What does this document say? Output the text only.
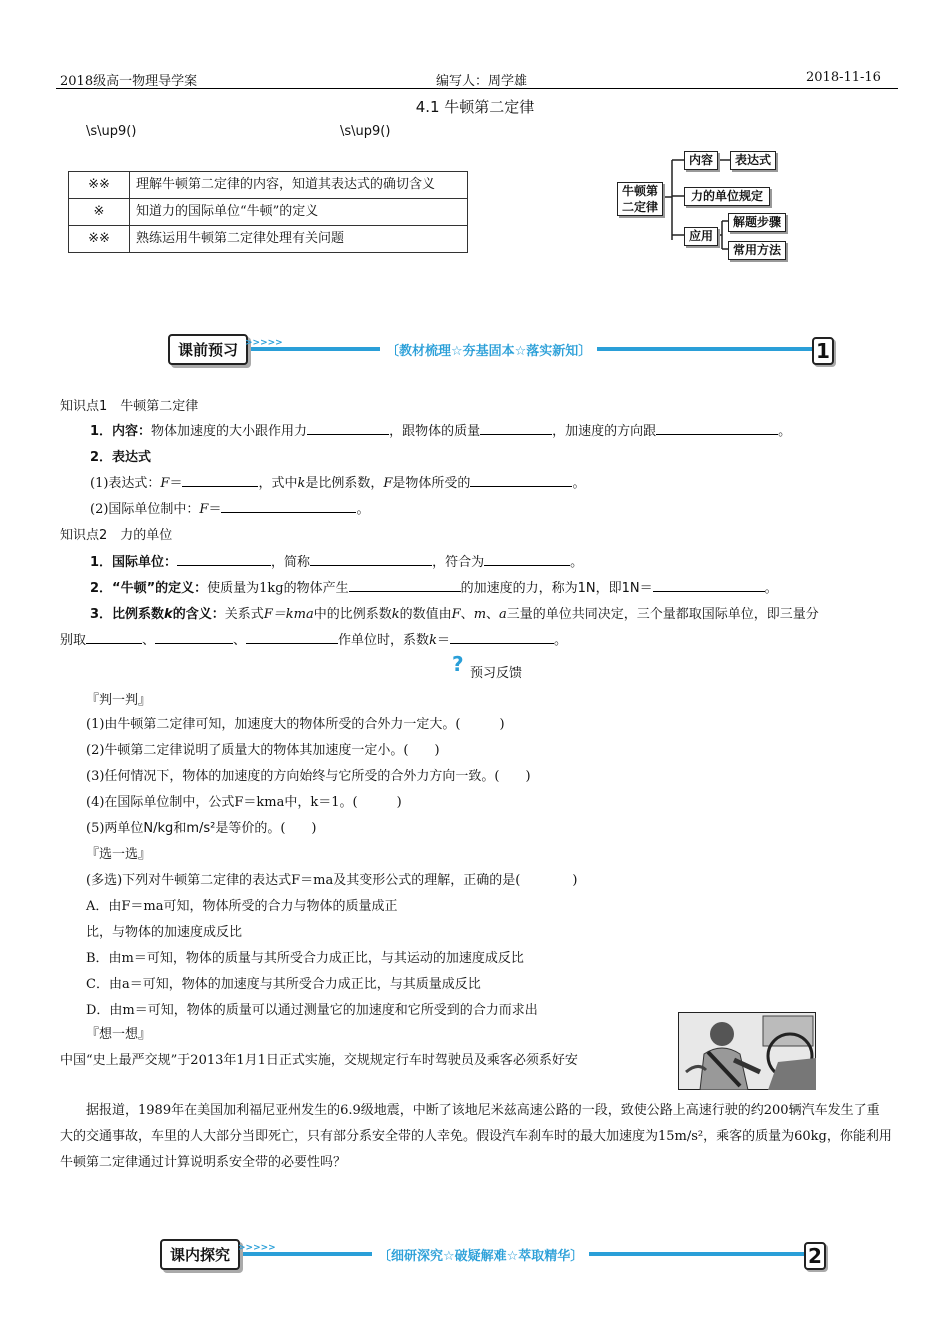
2018级高一物理导学案	编写人：周学雄	2018-11-16
4.1 牛顿第二定律
\s\up9()	\s\up9()
※※	理解牛顿第二定律的内容，知道其表达式的确切含义
※	知道力的国际单位“牛顿”的定义
※※	熟练运用牛顿第二定律处理有关问题
牛顿第二定律
内容	表达式
力的单位规定
应用
解题步骤
常用方法
课前预习 >>>>>
〔教材梳理☆夯基固本☆落实新知〕	1
知识点1　牛顿第二定律
1．内容：物体加速度的大小跟作用力	，跟物体的质量	，加速度的方向跟	。
2．表达式
(1)表达式：F＝	，式中k是比例系数，F是物体所受的	。
(2)国际单位制中：F＝	。
知识点2　力的单位
1．国际单位：	，简称	，符合为	。
2．“牛顿”的定义：使质量为1kg的物体产生	的加速度的力，称为1N，即1N＝	。
3．比例系数k的含义：关系式F＝kma中的比例系数k的数值由F、m、a三量的单位共同决定，三个量都取国际单位，即三量分
别取	、	、	作单位时，系数k＝	。
? 预习反馈
『判一判』
(1)由牛顿第二定律可知，加速度大的物体所受的合外力一定大。(　　　)
(2)牛顿第二定律说明了质量大的物体其加速度一定小。(　　)
(3)任何情况下，物体的加速度的方向始终与它所受的合外力方向一致。(　　)
(4)在国际单位制中，公式F＝kma中，k＝1。(　　　)
(5)两单位N/kg和m/s²是等价的。(　　)
『选一选』
(多选)下列对牛顿第二定律的表达式F＝ma及其变形公式的理解，正确的是(　　　　)
A．由F＝ma可知，物体所受的合力与物体的质量成正
比，与物体的加速度成反比
B．由m＝可知，物体的质量与其所受合力成正比，与其运动的加速度成反比
C．由a＝可知，物体的加速度与其所受合力成正比，与其质量成反比
D．由m＝可知，物体的质量可以通过测量它的加速度和它所受到的合力而求出
『想一想』
中国“史上最严交规”于2013年1月1日正式实施，交规规定行车时驾驶员及乘客必须系好安
据报道，1989年在美国加利福尼亚州发生的6.9级地震，中断了该地尼米兹高速公路的一段，致使公路上高速行驶的约200辆汽车发生了重大的交通事故，车里的人大部分当即死亡，只有部分系安全带的人幸免。假设汽车刹车时的最大加速度为15m/s²，乘客的质量为60kg，你能利用牛顿第二定律通过计算说明系安全带的必要性吗？
课内探究 >>>>>
〔细研深究☆破疑解难☆萃取精华〕	2
